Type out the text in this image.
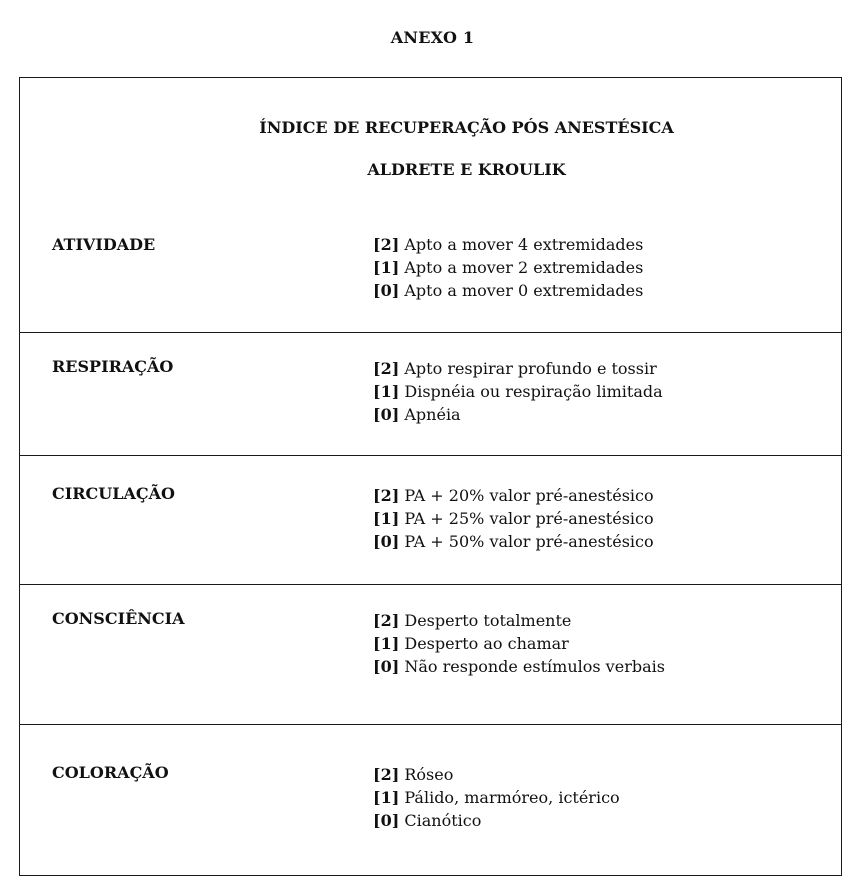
ANEXO 1
ÍNDICE DE RECUPERAÇÃO PÓS ANESTÉSICA
ALDRETE E KROULIK
ATIVIDADE	[2] Apto a mover 4 extremidades
[1] Apto a mover 2 extremidades
[0] Apto a mover 0 extremidades
RESPIRAÇÃO	[2] Apto respirar profundo e tossir
[1] Dispnéia ou respiração limitada
[0] Apnéia
CIRCULAÇÃO	[2] PA + 20% valor pré-anestésico
[1] PA + 25% valor pré-anestésico
[0] PA + 50% valor pré-anestésico
CONSCIÊNCIA	[2] Desperto totalmente
[1] Desperto ao chamar
[0] Não responde estímulos verbais
COLORAÇÃO	[2] Róseo
[1] Pálido, marmóreo, ictérico
[0] Cianótico
